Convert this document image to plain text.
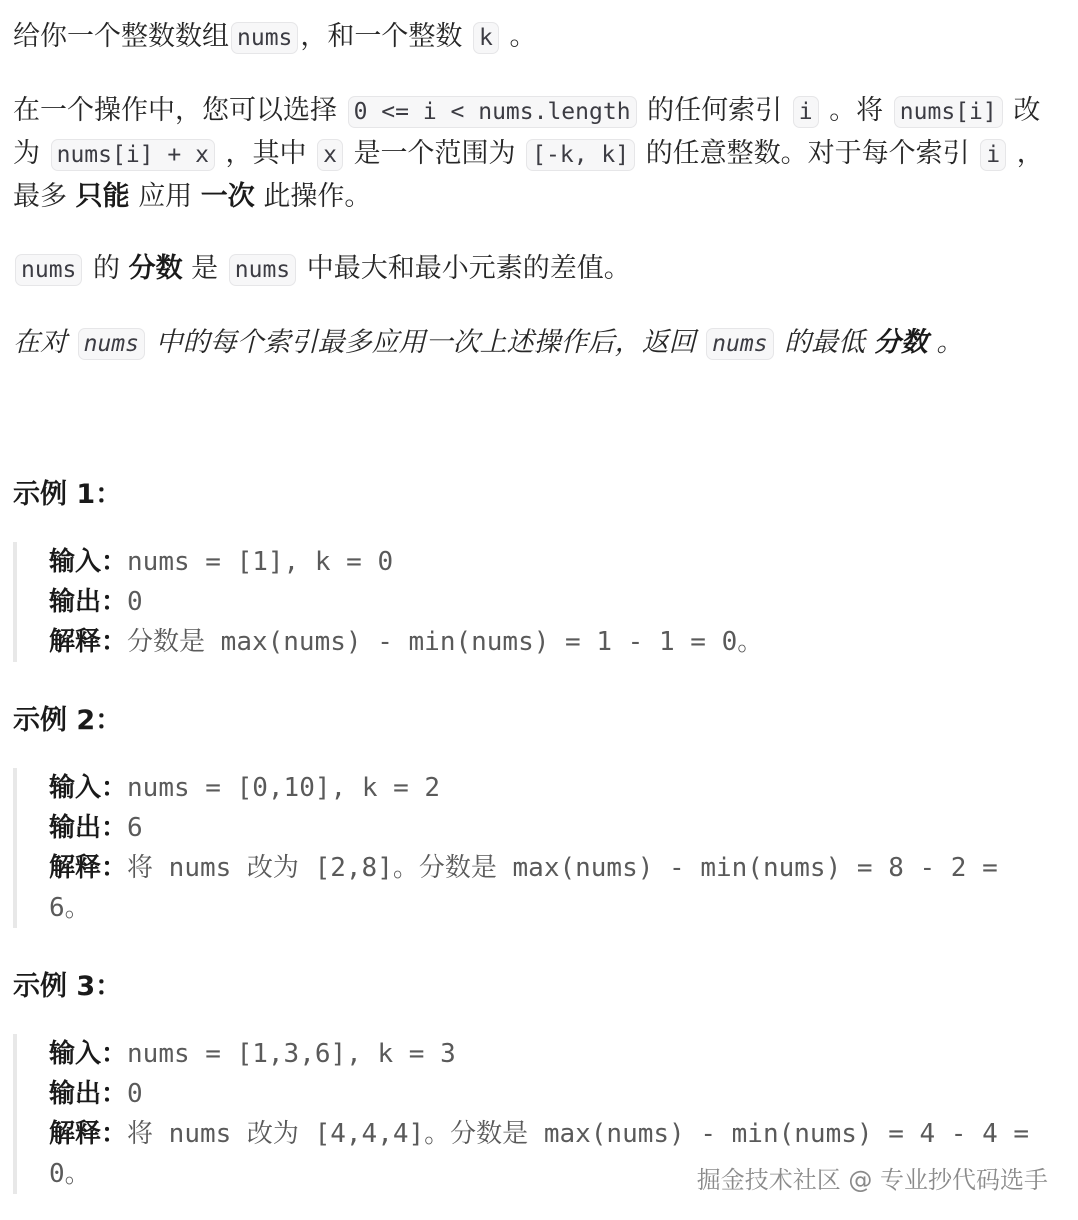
给你一个整数数组 nums ，和一个整数 k 。

在一个操作中，您可以选择 0 <= i < nums.length 的任何索引 i 。将 nums[i] 改为 nums[i] + x ，其中 x 是一个范围为 [-k, k] 的任意整数。对于每个索引 i ，最多 只能 应用 一次 此操作。

nums 的 分数 是 nums 中最大和最小元素的差值。

在对 nums 中的每个索引最多应用一次上述操作后，返回 nums 的最低 分数 。

示例 1：
输入：nums = [1], k = 0
输出：0
解释：分数是 max(nums) - min(nums) = 1 - 1 = 0。
示例 2：
输入：nums = [0,10], k = 2
输出：6
解释：将 nums 改为 [2,8]。分数是 max(nums) - min(nums) = 8 - 2 = 6。
示例 3：
输入：nums = [1,3,6], k = 3
输出：0
解释：将 nums 改为 [4,4,4]。分数是 max(nums) - min(nums) = 4 - 4 = 0。	掘金技术社区 @ 专业抄代码选手
